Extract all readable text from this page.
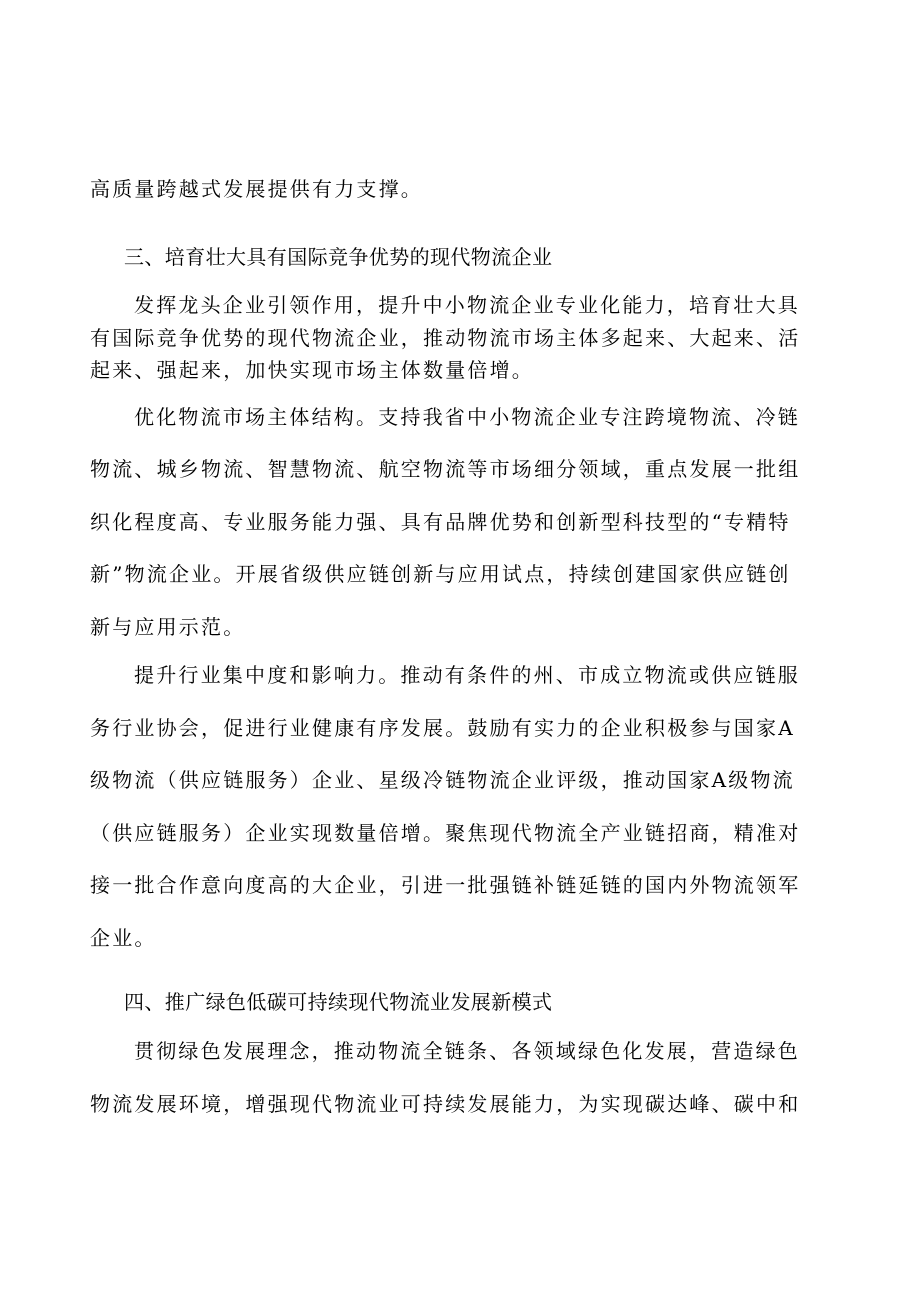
高质量跨越式发展提供有力支撑。
三、培育壮大具有国际竞争优势的现代物流企业
发挥龙头企业引领作用，提升中小物流企业专业化能力，培育壮大具
有国际竞争优势的现代物流企业，推动物流市场主体多起来、大起来、活
起来、强起来，加快实现市场主体数量倍增。
优化物流市场主体结构。支持我省中小物流企业专注跨境物流、冷链
物流、城乡物流、智慧物流、航空物流等市场细分领域，重点发展一批组
织化程度高、专业服务能力强、具有品牌优势和创新型科技型的“专精特
新”物流企业。开展省级供应链创新与应用试点，持续创建国家供应链创
新与应用示范。
提升行业集中度和影响力。推动有条件的州、市成立物流或供应链服
务行业协会，促进行业健康有序发展。鼓励有实力的企业积极参与国家A
级物流（供应链服务）企业、星级冷链物流企业评级，推动国家A级物流
（供应链服务）企业实现数量倍增。聚焦现代物流全产业链招商，精准对
接一批合作意向度高的大企业，引进一批强链补链延链的国内外物流领军
企业。
四、推广绿色低碳可持续现代物流业发展新模式
贯彻绿色发展理念，推动物流全链条、各领域绿色化发展，营造绿色
物流发展环境，增强现代物流业可持续发展能力，为实现碳达峰、碳中和
